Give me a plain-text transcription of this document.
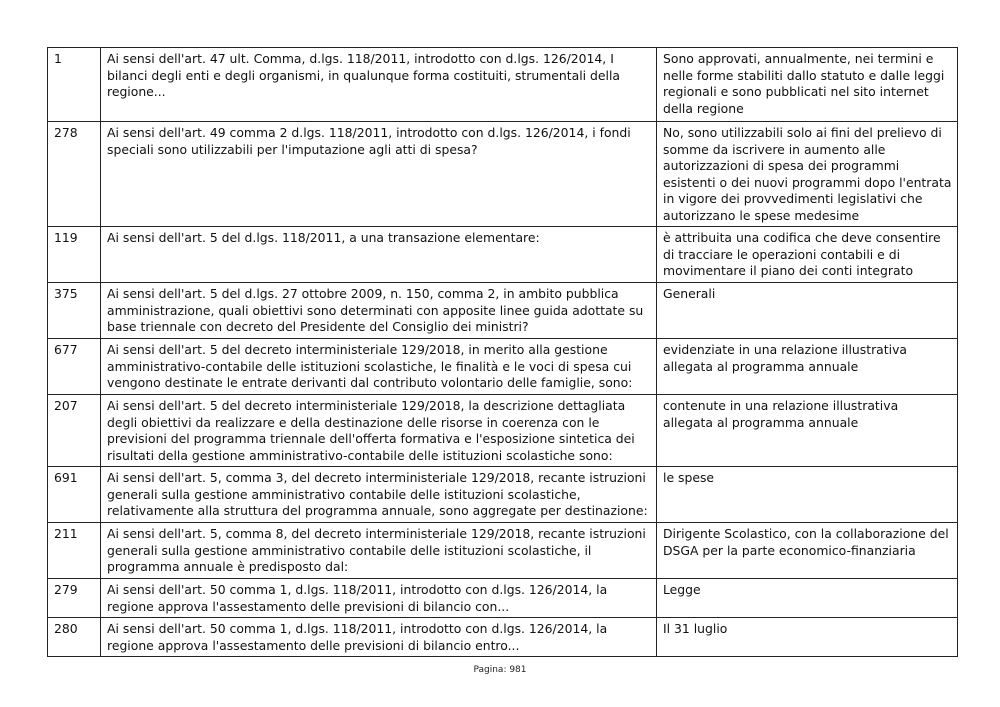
1	Ai sensi dell'art. 47 ult. Comma, d.lgs. 118/2011, introdotto con d.lgs. 126/2014, I bilanci degli enti e degli organismi, in qualunque forma costituiti, strumentali della regione...	Sono approvati, annualmente, nei termini e nelle forme stabiliti dallo statuto e dalle leggi regionali e sono pubblicati nel sito internet della regione
278	Ai sensi dell'art. 49 comma 2 d.lgs. 118/2011, introdotto con d.lgs. 126/2014, i fondi speciali sono utilizzabili per l'imputazione agli atti di spesa?	No, sono utilizzabili solo ai fini del prelievo di somme da iscrivere in aumento alle autorizzazioni di spesa dei programmi esistenti o dei nuovi programmi dopo l'entrata in vigore dei provvedimenti legislativi che autorizzano le spese medesime
119	Ai sensi dell'art. 5 del d.lgs. 118/2011, a una transazione elementare:	è attribuita una codifica che deve consentire di tracciare le operazioni contabili e di movimentare il piano dei conti integrato
375	Ai sensi dell'art. 5 del d.lgs. 27 ottobre 2009, n. 150, comma 2, in ambito pubblica amministrazione, quali obiettivi sono determinati con apposite linee guida adottate su base triennale con decreto del Presidente del Consiglio dei ministri?	Generali
677	Ai sensi dell'art. 5 del decreto interministeriale 129/2018, in merito alla gestione amministrativo-contabile delle istituzioni scolastiche, le finalità e le voci di spesa cui vengono destinate le entrate derivanti dal contributo volontario delle famiglie, sono:	evidenziate in una relazione illustrativa allegata al programma annuale
207	Ai sensi dell'art. 5 del decreto interministeriale 129/2018, la descrizione dettagliata degli obiettivi da realizzare e della destinazione delle risorse in coerenza con le previsioni del programma triennale dell'offerta formativa e l'esposizione sintetica dei risultati della gestione amministrativo-contabile delle istituzioni scolastiche sono:	contenute in una relazione illustrativa allegata al programma annuale
691	Ai sensi dell'art. 5, comma 3, del decreto interministeriale 129/2018, recante istruzioni generali sulla gestione amministrativo contabile delle istituzioni scolastiche, relativamente alla struttura del programma annuale, sono aggregate per destinazione:	le spese
211	Ai sensi dell'art. 5, comma 8, del decreto interministeriale 129/2018, recante istruzioni generali sulla gestione amministrativo contabile delle istituzioni scolastiche, il programma annuale è predisposto dal:	Dirigente Scolastico, con la collaborazione del DSGA per la parte economico-finanziaria
279	Ai sensi dell'art. 50 comma 1, d.lgs. 118/2011, introdotto con d.lgs. 126/2014, la regione approva l'assestamento delle previsioni di bilancio con...	Legge
280	Ai sensi dell'art. 50 comma 1, d.lgs. 118/2011, introdotto con d.lgs. 126/2014, la regione approva l'assestamento delle previsioni di bilancio entro...	Il 31 luglio
Pagina: 981
